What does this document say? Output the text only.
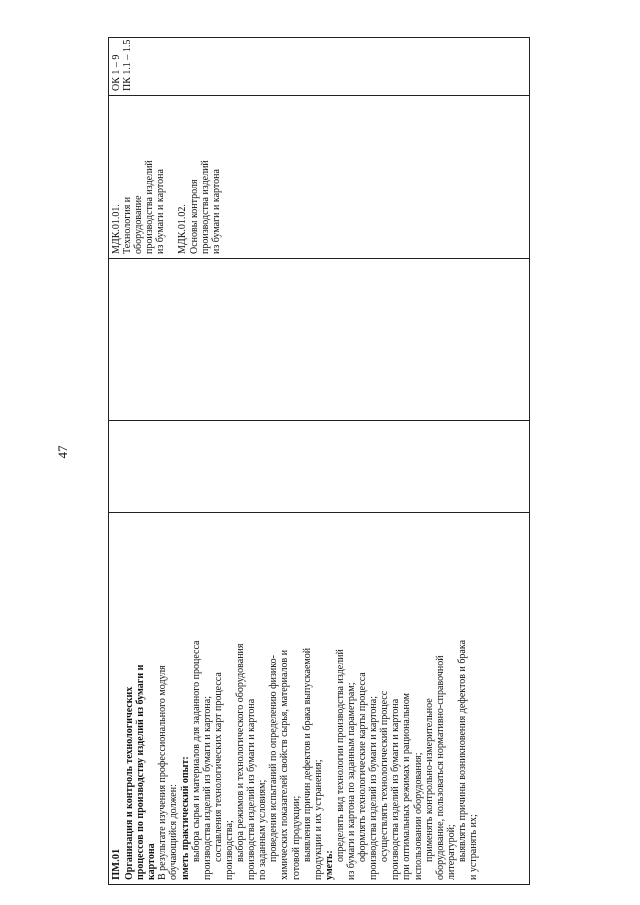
47
ПМ.01 Организация и контроль технологических процессов по производству изделий из бумаги и картона В результате изучения профессионального модуля обучающийся должен: иметь практический опыт: выбора сырья и материалов для заданного процесса производства изделий из бумаги и картона; составления технологических карт процесса производства; выбора режимов и технологического оборудования производства изделий из бумаги и картона по заданным условиям; проведения испытаний по определению физико- химических показателей свойств сырья, материалов и готовой продукции; выявления причин дефектов и брака выпускаемой продукции и их устранения; уметь:
определять вид технологии производства изделий из бумаги и картона по заданным параметрам; оформлять технологические карты процесса производства изделий из бумаги и картона; осуществлять технологический процесс производства изделий из бумаги и картона при оптимальных режимах и рациональном использовании оборудования; применять контрольно-измерительное оборудование, пользоваться нормативно-справочной литературой; выявлять причины возникновения дефектов и брака и устранять их;
МДК.01.01. Технология и оборудование производства изделий из бумаги и картона МДК.01.02. Основы контроля производства изделий из бумаги и картона
ОК 1 – 9 ПК 1.1 – 1.5
